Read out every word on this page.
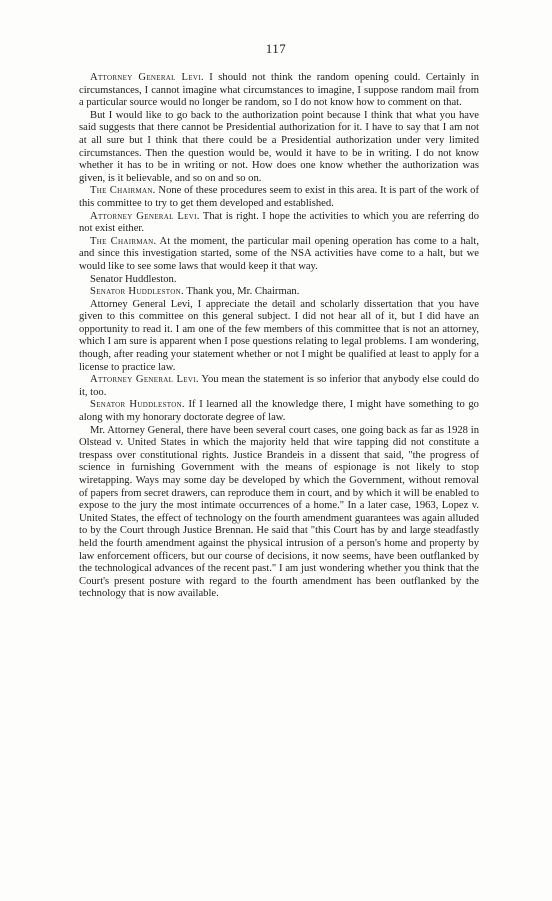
117

Attorney General Levi. I should not think the random opening could. Certainly in circumstances, I cannot imagine what circumstances to imagine, I suppose random mail from a particular source would no longer be random, so I do not know how to comment on that.

But I would like to go back to the authorization point because I think that what you have said suggests that there cannot be Presidential authorization for it. I have to say that I am not at all sure but I think that there could be a Presidential authorization under very limited circumstances. Then the question would be, would it have to be in writing. I do not know whether it has to be in writing or not. How does one know whether the authorization was given, is it believable, and so on and so on.

The Chairman. None of these procedures seem to exist in this area. It is part of the work of this committee to try to get them developed and established.

Attorney General Levi. That is right. I hope the activities to which you are referring do not exist either.

The Chairman. At the moment, the particular mail opening operation has come to a halt, and since this investigation started, some of the NSA activities have come to a halt, but we would like to see some laws that would keep it that way.

Senator Huddleston.

Senator Huddleston. Thank you, Mr. Chairman.

Attorney General Levi, I appreciate the detail and scholarly dissertation that you have given to this committee on this general subject. I did not hear all of it, but I did have an opportunity to read it. I am one of the few members of this committee that is not an attorney, which I am sure is apparent when I pose questions relating to legal problems. I am wondering, though, after reading your statement whether or not I might be qualified at least to apply for a license to practice law.

Attorney General Levi. You mean the statement is so inferior that anybody else could do it, too.

Senator Huddleston. If I learned all the knowledge there, I might have something to go along with my honorary doctorate degree of law.

Mr. Attorney General, there have been several court cases, one going back as far as 1928 in Olstead v. United States in which the majority held that wire tapping did not constitute a trespass over constitutional rights. Justice Brandeis in a dissent that said, "the progress of science in furnishing Government with the means of espionage is not likely to stop wiretapping. Ways may some day be developed by which the Government, without removal of papers from secret drawers, can reproduce them in court, and by which it will be enabled to expose to the jury the most intimate occurrences of a home." In a later case, 1963, Lopez v. United States, the effect of technology on the fourth amendment guarantees was again alluded to by the Court through Justice Brennan. He said that "this Court has by and large steadfastly held the fourth amendment against the physical intrusion of a person's home and property by law enforcement officers, but our course of decisions, it now seems, have been outflanked by the technological advances of the recent past." I am just wondering whether you think that the Court's present posture with regard to the fourth amendment has been outflanked by the technology that is now available.
